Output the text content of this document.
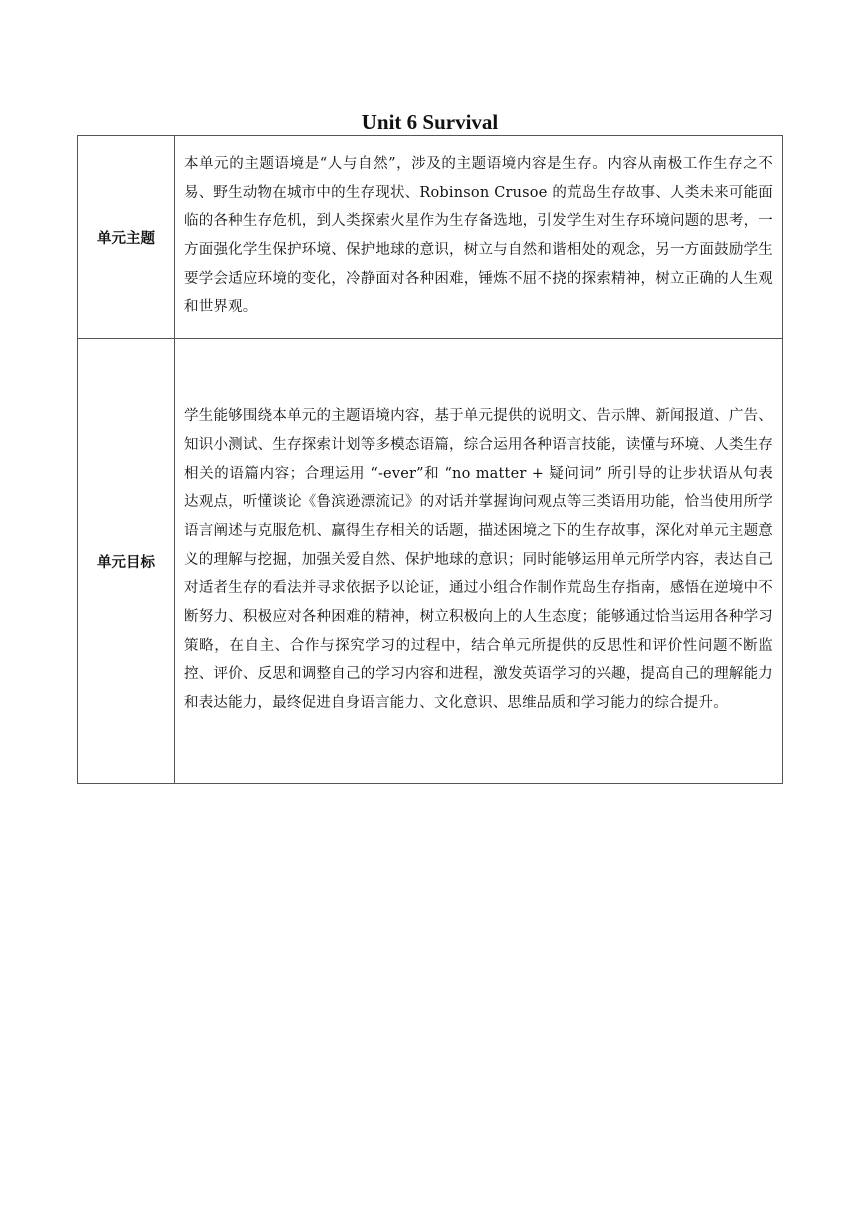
Unit 6 Survival
单元主题	本单元的主题语境是“人与自然”，涉及的主题语境内容是生存。内容从南极工作生存之不易、野生动物在城市中的生存现状、Robinson Crusoe 的荒岛生存故事、人类未来可能面临的各种生存危机，到人类探索火星作为生存备选地，引发学生对生存环境问题的思考，一方面强化学生保护环境、保护地球的意识，树立与自然和谐相处的观念，另一方面鼓励学生要学会适应环境的变化，冷静面对各种困难，锤炼不屈不挠的探索精神，树立正确的人生观和世界观。
单元目标	学生能够围绕本单元的主题语境内容，基于单元提供的说明文、告示牌、新闻报道、广告、知识小测试、生存探索计划等多模态语篇，综合运用各种语言技能，读懂与环境、人类生存相关的语篇内容；合理运用 “-ever”和 “no matter + 疑问词” 所引导的让步状语从句表达观点，听懂谈论《鲁滨逊漂流记》的对话并掌握询问观点等三类语用功能，恰当使用所学语言阐述与克服危机、赢得生存相关的话题，描述困境之下的生存故事，深化对单元主题意义的理解与挖掘，加强关爱自然、保护地球的意识；同时能够运用单元所学内容，表达自己对适者生存的看法并寻求依据予以论证，通过小组合作制作荒岛生存指南，感悟在逆境中不断努力、积极应对各种困难的精神，树立积极向上的人生态度；能够通过恰当运用各种学习策略，在自主、合作与探究学习的过程中，结合单元所提供的反思性和评价性问题不断监控、评价、反思和调整自己的学习内容和进程，激发英语学习的兴趣，提高自己的理解能力和表达能力，最终促进自身语言能力、文化意识、思维品质和学习能力的综合提升。
